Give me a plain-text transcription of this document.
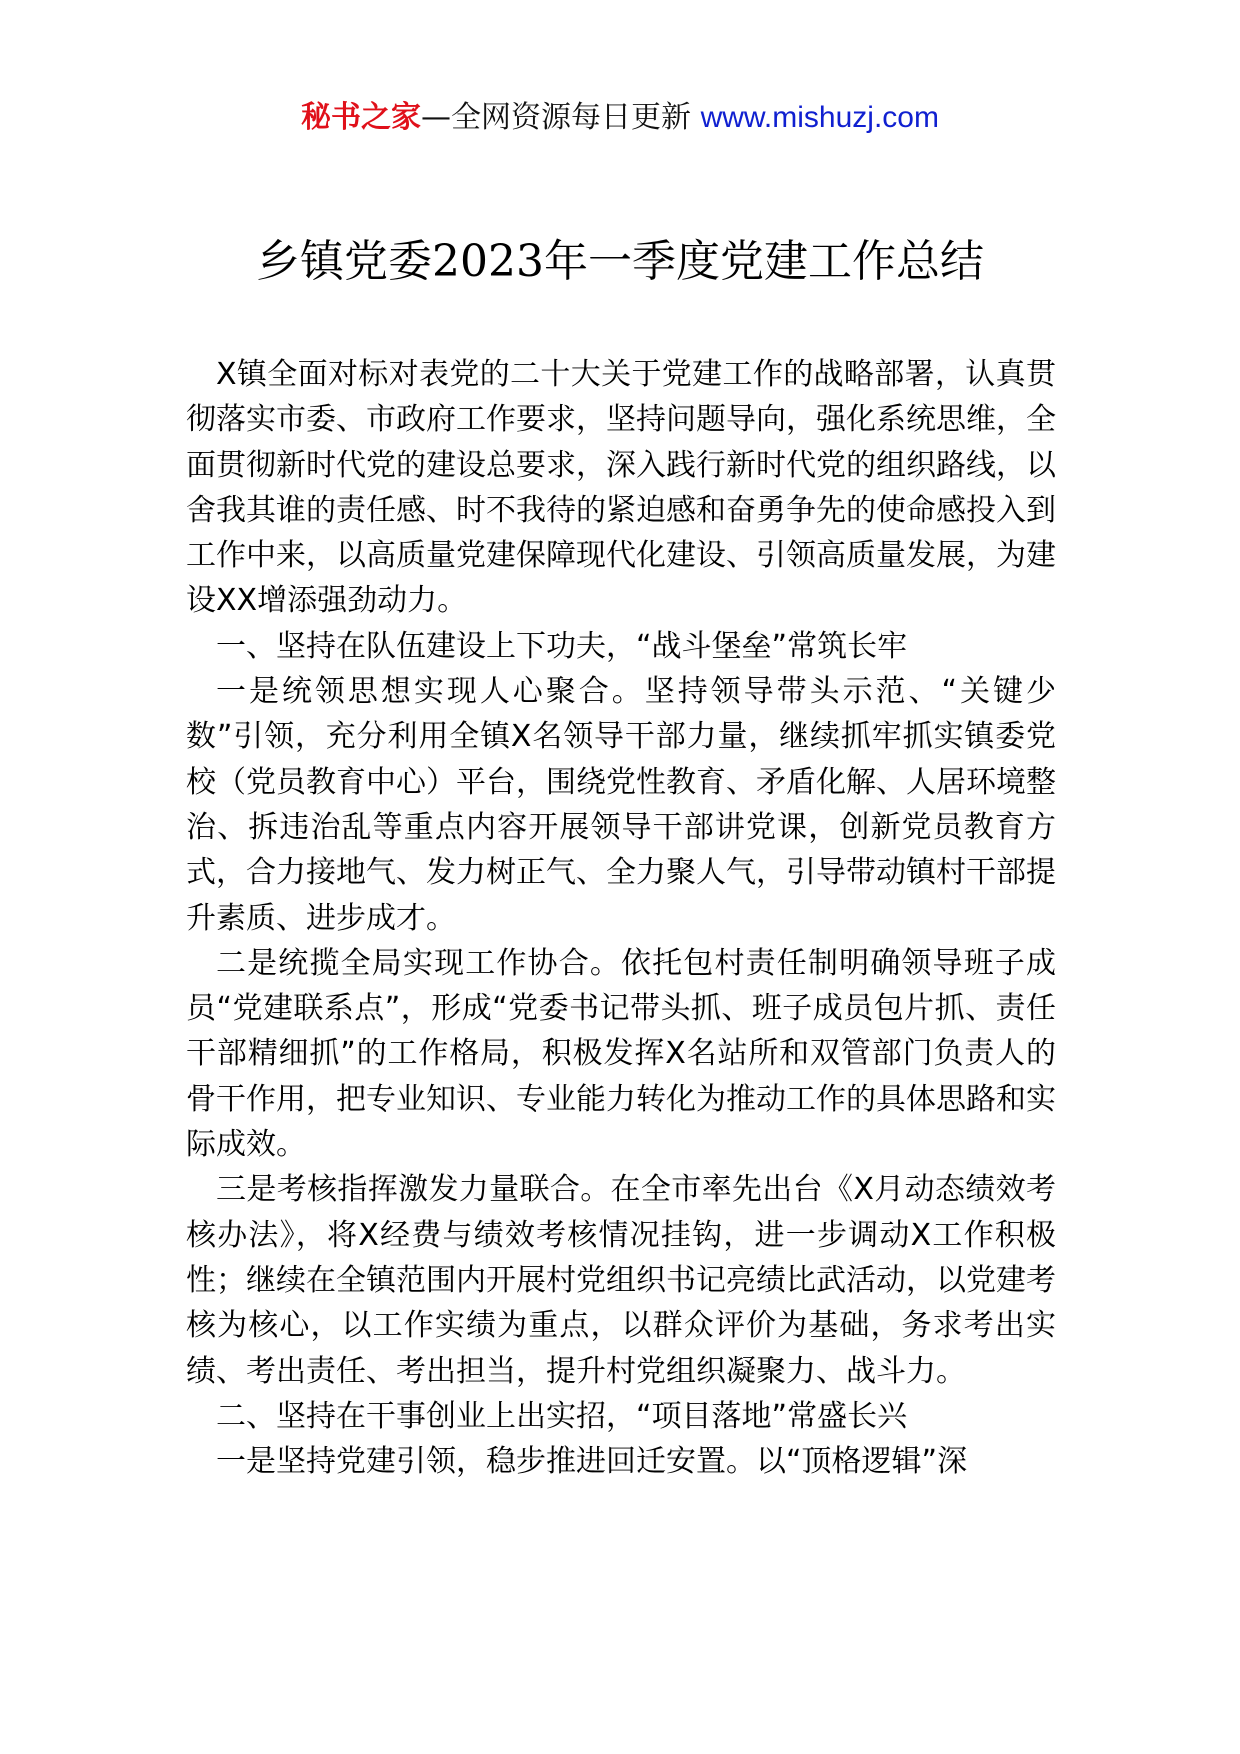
秘书之家—全网资源每日更新 www.mishuzj.com
乡镇党委2023年一季度党建工作总结

X镇全面对标对表党的二十大关于党建工作的战略部署，认真贯彻落实市委、市政府工作要求，坚持问题导向，强化系统思维，全面贯彻新时代党的建设总要求，深入践行新时代党的组织路线，以舍我其谁的责任感、时不我待的紧迫感和奋勇争先的使命感投入到工作中来，以高质量党建保障现代化建设、引领高质量发展，为建设XX增添强劲动力。

一、坚持在队伍建设上下功夫，“战斗堡垒”常筑长牢

一是统领思想实现人心聚合。坚持领导带头示范、“关键少数”引领，充分利用全镇X名领导干部力量，继续抓牢抓实镇委党校（党员教育中心）平台，围绕党性教育、矛盾化解、人居环境整治、拆违治乱等重点内容开展领导干部讲党课，创新党员教育方式，合力接地气、发力树正气、全力聚人气，引导带动镇村干部提升素质、进步成才。

二是统揽全局实现工作协合。依托包村责任制明确领导班子成员“党建联系点”，形成“党委书记带头抓、班子成员包片抓、责任干部精细抓”的工作格局，积极发挥X名站所和双管部门负责人的骨干作用，把专业知识、专业能力转化为推动工作的具体思路和实际成效。

三是考核指挥激发力量联合。在全市率先出台《X月动态绩效考核办法》，将X经费与绩效考核情况挂钩，进一步调动X工作积极性；继续在全镇范围内开展村党组织书记亮绩比武活动，以党建考核为核心，以工作实绩为重点，以群众评价为基础，务求考出实绩、考出责任、考出担当，提升村党组织凝聚力、战斗力。

二、坚持在干事创业上出实招，“项目落地”常盛长兴

一是坚持党建引领，稳步推进回迁安置。以“顶格逻辑”深
